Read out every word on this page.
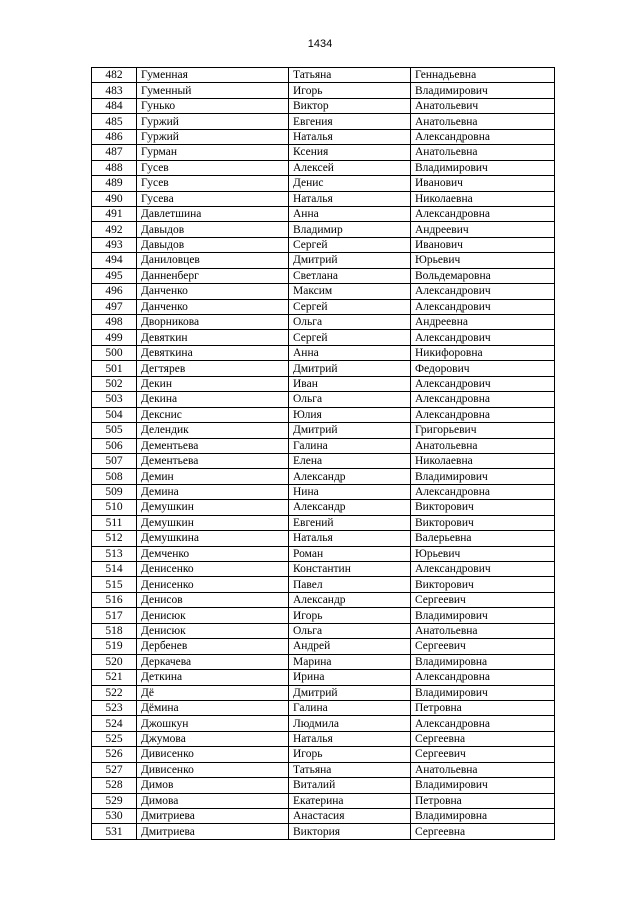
1434
482	Гуменная	Татьяна	Геннадьевна
483	Гуменный	Игорь	Владимирович
484	Гунько	Виктор	Анатольевич
485	Гуржий	Евгения	Анатольевна
486	Гуржий	Наталья	Александровна
487	Гурман	Ксения	Анатольевна
488	Гусев	Алексей	Владимирович
489	Гусев	Денис	Иванович
490	Гусева	Наталья	Николаевна
491	Давлетшина	Анна	Александровна
492	Давыдов	Владимир	Андреевич
493	Давыдов	Сергей	Иванович
494	Даниловцев	Дмитрий	Юрьевич
495	Данненберг	Светлана	Вольдемаровна
496	Данченко	Максим	Александрович
497	Данченко	Сергей	Александрович
498	Дворникова	Ольга	Андреевна
499	Девяткин	Сергей	Александрович
500	Девяткина	Анна	Никифоровна
501	Дегтярев	Дмитрий	Федорович
502	Декин	Иван	Александрович
503	Декина	Ольга	Александровна
504	Декснис	Юлия	Александровна
505	Делендик	Дмитрий	Григорьевич
506	Дементьева	Галина	Анатольевна
507	Дементьева	Елена	Николаевна
508	Демин	Александр	Владимирович
509	Демина	Нина	Александровна
510	Демушкин	Александр	Викторович
511	Демушкин	Евгений	Викторович
512	Демушкина	Наталья	Валерьевна
513	Демченко	Роман	Юрьевич
514	Денисенко	Константин	Александрович
515	Денисенко	Павел	Викторович
516	Денисов	Александр	Сергеевич
517	Денисюк	Игорь	Владимирович
518	Денисюк	Ольга	Анатольевна
519	Дербенев	Андрей	Сергеевич
520	Деркачева	Марина	Владимировна
521	Деткина	Ирина	Александровна
522	Дё	Дмитрий	Владимирович
523	Дёмина	Галина	Петровна
524	Джошкун	Людмила	Александровна
525	Джумова	Наталья	Сергеевна
526	Дивисенко	Игорь	Сергеевич
527	Дивисенко	Татьяна	Анатольевна
528	Димов	Виталий	Владимирович
529	Димова	Екатерина	Петровна
530	Дмитриева	Анастасия	Владимировна
531	Дмитриева	Виктория	Сергеевна
